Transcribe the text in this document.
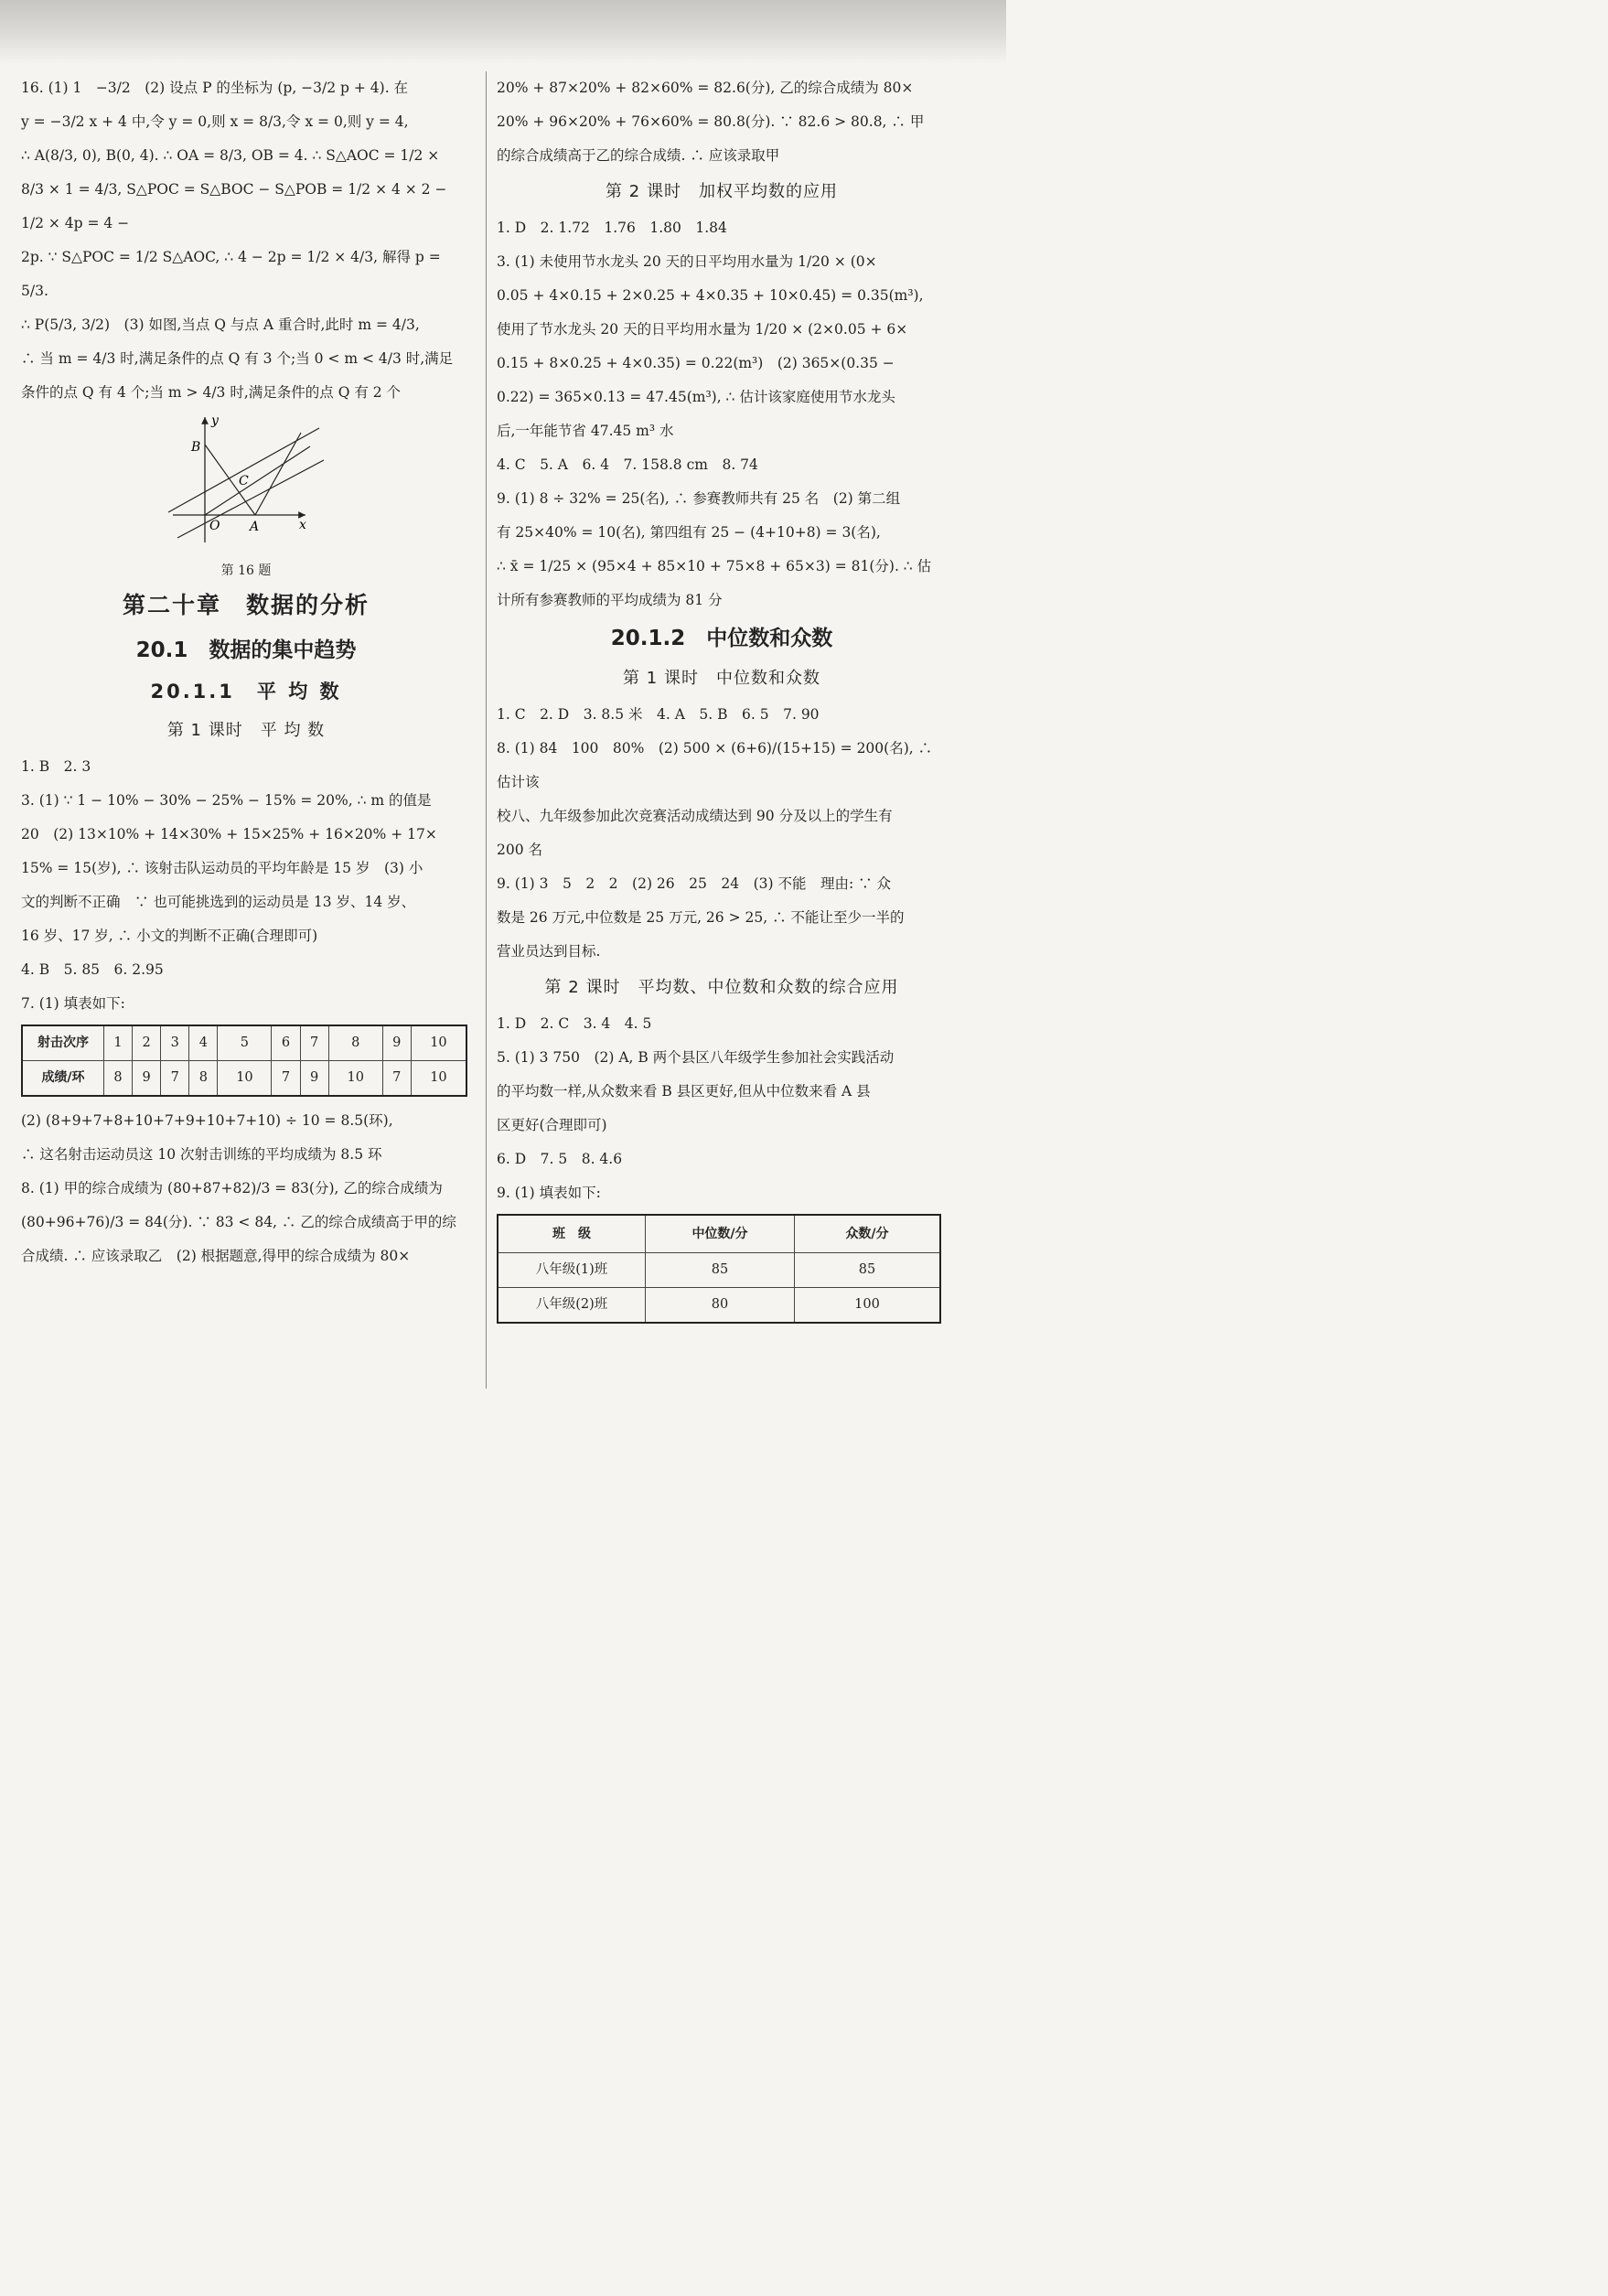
16. (1) 1　−3/2　(2) 设点 P 的坐标为 (p, −3/2 p + 4). 在

y = −3/2 x + 4 中,令 y = 0,则 x = 8/3,令 x = 0,则 y = 4,

∴ A(8/3, 0), B(0, 4). ∴ OA = 8/3, OB = 4. ∴ S△AOC = 1/2 ×

8/3 × 1 = 4/3, S△POC = S△BOC − S△POB = 1/2 × 4 × 2 − 1/2 × 4p = 4 −

2p. ∵ S△POC = 1/2 S△AOC, ∴ 4 − 2p = 1/2 × 4/3, 解得 p = 5/3.

∴ P(5/3, 3/2)　(3) 如图,当点 Q 与点 A 重合时,此时 m = 4/3,

∴ 当 m = 4/3 时,满足条件的点 Q 有 3 个;当 0 < m < 4/3 时,满足

条件的点 Q 有 4 个;当 m > 4/3 时,满足条件的点 Q 有 2 个

y
x
B
C
O A
第 16 题
第二十章　数据的分析
20.1　数据的集中趋势
20.1.1　平 均 数
第 1 课时　平 均 数

1. B　2. 3

3. (1) ∵ 1 − 10% − 30% − 25% − 15% = 20%, ∴ m 的值是

20　(2) 13×10% + 14×30% + 15×25% + 16×20% + 17×

15% = 15(岁), ∴ 该射击队运动员的平均年龄是 15 岁　(3) 小

文的判断不正确　∵ 也可能挑选到的运动员是 13 岁、14 岁、

16 岁、17 岁, ∴ 小文的判断不正确(合理即可)

4. B　5. 85　6. 2.95

7. (1) 填表如下:

射击次序	1	2	3	4	5	6	7	8	9	10
成绩/环	8	9	7	8	10	7	9	10	7	10

(2) (8+9+7+8+10+7+9+10+7+10) ÷ 10 = 8.5(环),

∴ 这名射击运动员这 10 次射击训练的平均成绩为 8.5 环

8. (1) 甲的综合成绩为 (80+87+82)/3 = 83(分), 乙的综合成绩为

(80+96+76)/3 = 84(分). ∵ 83 < 84, ∴ 乙的综合成绩高于甲的综

合成绩. ∴ 应该录取乙　(2) 根据题意,得甲的综合成绩为 80×

20% + 87×20% + 82×60% = 82.6(分), 乙的综合成绩为 80×

20% + 96×20% + 76×60% = 80.8(分). ∵ 82.6 > 80.8, ∴ 甲

的综合成绩高于乙的综合成绩. ∴ 应该录取甲

第 2 课时　加权平均数的应用

1. D　2. 1.72　1.76　1.80　1.84

3. (1) 未使用节水龙头 20 天的日平均用水量为 1/20 × (0×

0.05 + 4×0.15 + 2×0.25 + 4×0.35 + 10×0.45) = 0.35(m³),

使用了节水龙头 20 天的日平均用水量为 1/20 × (2×0.05 + 6×

0.15 + 8×0.25 + 4×0.35) = 0.22(m³)　(2) 365×(0.35 −

0.22) = 365×0.13 = 47.45(m³), ∴ 估计该家庭使用节水龙头

后,一年能节省 47.45 m³ 水

4. C　5. A　6. 4　7. 158.8 cm　8. 74

9. (1) 8 ÷ 32% = 25(名), ∴ 参赛教师共有 25 名　(2) 第二组

有 25×40% = 10(名), 第四组有 25 − (4+10+8) = 3(名),

∴ x̄ = 1/25 × (95×4 + 85×10 + 75×8 + 65×3) = 81(分). ∴ 估

计所有参赛教师的平均成绩为 81 分

20.1.2　中位数和众数
第 1 课时　中位数和众数

1. C　2. D　3. 8.5 米　4. A　5. B　6. 5　7. 90

8. (1) 84　100　80%　(2) 500 × (6+6)/(15+15) = 200(名), ∴ 估计该

校八、九年级参加此次竞赛活动成绩达到 90 分及以上的学生有

200 名

9. (1) 3　5　2　2　(2) 26　25　24　(3) 不能　理由: ∵ 众

数是 26 万元,中位数是 25 万元, 26 > 25, ∴ 不能让至少一半的

营业员达到目标.

第 2 课时　平均数、中位数和众数的综合应用

1. D　2. C　3. 4　4. 5

5. (1) 3 750　(2) A, B 两个县区八年级学生参加社会实践活动

的平均数一样,从众数来看 B 县区更好,但从中位数来看 A 县

区更好(合理即可)

6. D　7. 5　8. 4.6

9. (1) 填表如下:

班　级	中位数/分	众数/分
八年级(1)班	85	85
八年级(2)班	80	100
